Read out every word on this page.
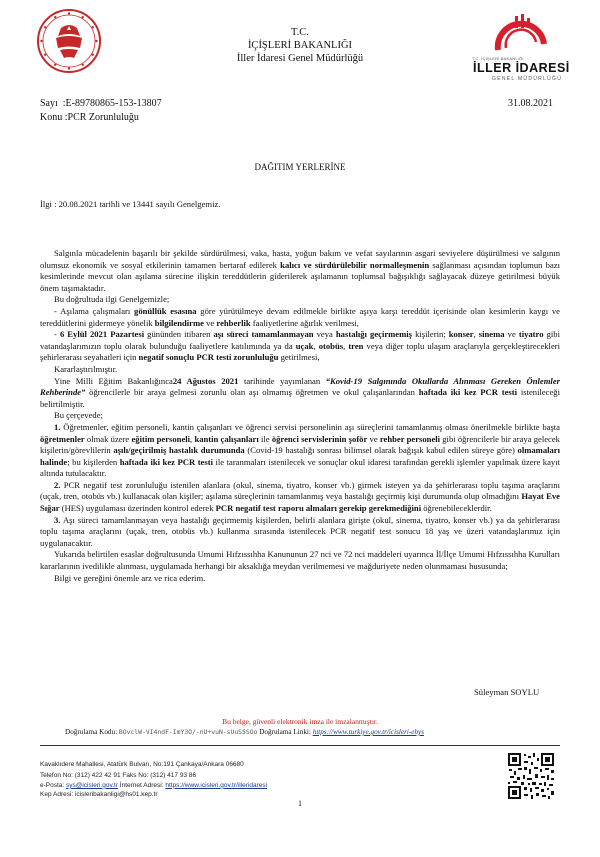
T.C.
İÇİŞLERİ BAKANLIĞI
İller İdaresi Genel Müdürlüğü	T.C. İÇİŞLERİ BAKANLIĞI
İLLER İDARESİ
GENEL MÜDÜRLÜĞÜ
Sayı :E-89780865-153-13807
Konu :PCR Zorunluluğu
31.08.2021
DAĞITIM YERLERİNE
İlgi : 20.08.2021 tarihli ve 13441 sayılı Genelgemiz.

Salgınla mücadelenin başarılı bir şekilde sürdürülmesi, vaka, hasta, yoğun bakım ve vefat sayılarının asgari seviyelere düşürülmesi ve salgının olumsuz ekonomik ve sosyal etkilerinin tamamen bertaraf edilerek kalıcı ve sürdürülebilir normalleşmenin sağlanması açısından toplumun bazı kesimlerinde mevcut olan aşılama sürecine ilişkin tereddütlerin giderilerek aşılamanın toplumsal bağışıklığı sağlayacak düzeye getirilmesi büyük önem taşımaktadır.

Bu doğrultuda ilgi Genelgemizle;

- Aşılama çalışmaları gönüllük esasına göre yürütülmeye devam edilmekle birlikte aşıya karşı tereddüt içerisinde olan kesimlerin kaygı ve tereddütlerini gidermeye yönelik bilgilendirme ve rehberlik faaliyetlerine ağırlık verilmesi,

- 6 Eylül 2021 Pazartesi gününden itibaren aşı süreci tamamlanmayan veya hastalığı geçirmemiş kişilerin; konser, sinema ve tiyatro gibi vatandaşlarımızın toplu olarak bulunduğu faaliyetlere katılımında ya da uçak, otobüs, tren veya diğer toplu ulaşım araçlarıyla gerçekleştirecekleri şehirlerarası seyahatleri için negatif sonuçlu PCR testi zorunluluğu getirilmesi,

Kararlaştırılmıştır.

Yine Milli Eğitim Bakanlığınca24 Ağustos 2021 tarihinde yayımlanan “Kovid-19 Salgınında Okullarda Alınması Gereken Önlemler Rehberinde” öğrencilerle bir araya gelmesi zorunlu olan aşı olmamış öğretmen ve okul çalışanlarından haftada iki kez PCR testi istenileceği belirtilmiştir.

Bu çerçevede;

1. Öğretmenler, eğitim personeli, kantin çalışanları ve öğrenci servisi personelinin aşı süreçlerini tamamlanmış olması önerilmekle birlikte başta öğretmenler olmak üzere eğitim personeli, kantin çalışanları ile öğrenci servislerinin şoför ve rehber personeli gibi öğrencilerle bir araya gelecek kişilerin/görevlilerin aşılı/geçirilmiş hastalık durumunda (Covid-19 hastalığı sonrası bilimsel olarak bağışık kabul edilen süreye göre) olmamaları halinde; bu kişilerden haftada iki kez PCR testi ile taranmaları istenilecek ve sonuçlar okul idaresi tarafından gerekli işlemler yapılmak üzere kayıt altında tutulacaktır.

2. PCR negatif test zorunluluğu istenilen alanlara (okul, sinema, tiyatro, konser vb.) girmek isteyen ya da şehirlerarası toplu taşıma araçlarını (uçak, tren, otobüs vb.) kullanacak olan kişiler; aşılama süreçlerinin tamamlanmış veya hastalığı geçirmiş kişi durumunda olup olmadığını Hayat Eve Sığar (HES) uygulaması üzerinden kontrol ederek PCR negatif test raporu almaları gerekip gerekmediğini öğrenebileceklerdir.

3. Aşı süreci tamamlanmayan veya hastalığı geçirmemiş kişilerden, belirli alanlara girişte (okul, sinema, tiyatro, konser vb.) ya da şehirlerarası toplu taşıma araçlarını (uçak, tren, otobüs vb.) kullanma sırasında istenilecek PCR negatif test sonucu 18 yaş ve üzeri vatandaşlarımız için uygulanacaktır.

Yukarıda belirtilen esaslar doğrultusunda Umumi Hıfzıssıhha Kanununun 27 nci ve 72 nci maddeleri uyarınca İl/İlçe Umumi Hıfzıssıhha Kurulları kararlarının ivedilikle alınması, uygulamada herhangi bir aksaklığa meydan verilmemesi ve mağduriyete neden olunmaması hususunda;

Bilgi ve gereğini önemle arz ve rica ederim.

Süleyman SOYLU
Bu belge, güvenli elektronik imza ile imzalanmıştır.
Doğrulama Kodu: BOvclW-VI4ndF-ImY3O/-nU+vuN-sUuS5SOo Doğrulama Linki: https://www.turkiye.gov.tr/icisleri-ebys
Kavaklıdere Mahallesi, Atatürk Bulvarı, No:191 Çankaya/Ankara 06680
Telefon No: (312) 422 42 91 Faks No: (312) 417 93 86
e-Posta: sys@icisleri.gov.tr İnternet Adresi: https://www.icisleri.gov.tr/illeridaresi
Kep Adresi: icisleribakanligi@hs01.kep.tr
1
